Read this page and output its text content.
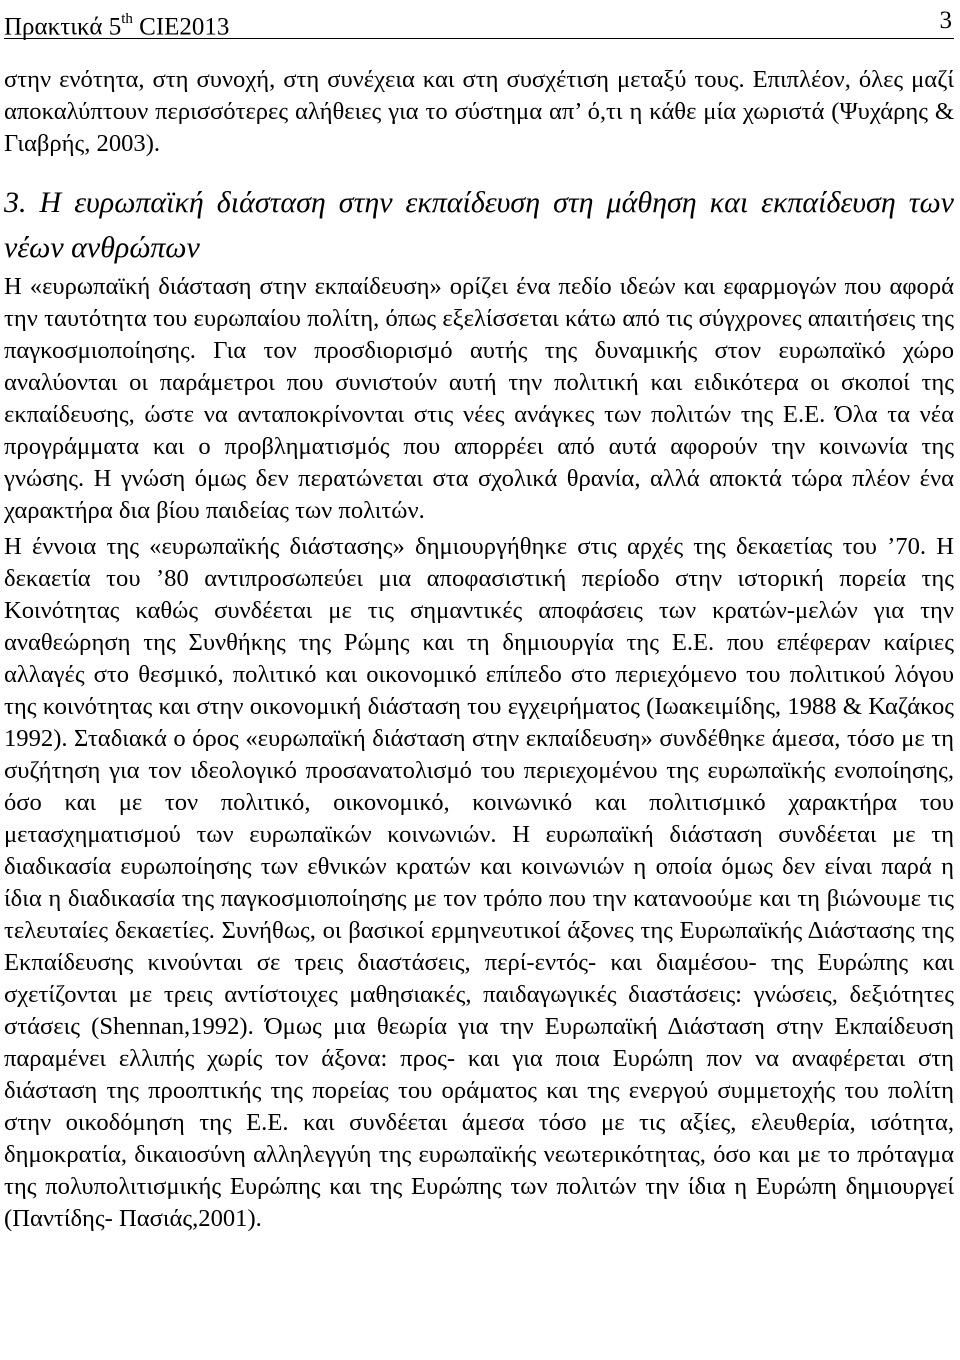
Πρακτικά 5th CIE2013	3

στην ενότητα, στη συνοχή, στη συνέχεια και στη συσχέτιση μεταξύ τους. Επιπλέον, όλες μαζί αποκαλύπτουν περισσότερες αλήθειες για το σύστημα απ’ ό,τι η κάθε μία χωριστά (Ψυχάρης & Γιαβρής, 2003).

3. Η ευρωπαϊκή διάσταση στην εκπαίδευση στη μάθηση και εκπαίδευση των νέων ανθρώπων

Η «ευρωπαϊκή διάσταση στην εκπαίδευση» ορίζει ένα πεδίο ιδεών και εφαρμογών που αφορά την ταυτότητα του ευρωπαίου πολίτη, όπως εξελίσσεται κάτω από τις σύγχρονες απαιτήσεις της παγκοσμιοποίησης. Για τον προσδιορισμό αυτής της δυναμικής στον ευρωπαϊκό χώρο αναλύονται οι παράμετροι που συνιστούν αυτή την πολιτική και ειδικότερα οι σκοποί της εκπαίδευσης, ώστε να ανταποκρίνονται στις νέες ανάγκες των πολιτών της Ε.Ε. Όλα τα νέα προγράμματα και ο προβληματισμός που απορρέει από αυτά αφορούν την κοινωνία της γνώσης. Η γνώση όμως δεν περατώνεται στα σχολικά θρανία, αλλά αποκτά τώρα πλέον ένα χαρακτήρα δια βίου παιδείας των πολιτών.

Η έννοια της «ευρωπαϊκής διάστασης» δημιουργήθηκε στις αρχές της δεκαετίας του ’70. Η δεκαετία του ’80 αντιπροσωπεύει μια αποφασιστική περίοδο στην ιστορική πορεία της Κοινότητας καθώς συνδέεται με τις σημαντικές αποφάσεις των κρατών-μελών για την αναθεώρηση της Συνθήκης της Ρώμης και τη δημιουργία της Ε.Ε. που επέφεραν καίριες αλλαγές στο θεσμικό, πολιτικό και οικονομικό επίπεδο στο περιεχόμενο του πολιτικού λόγου της κοινότητας και στην οικονομική διάσταση του εγχειρήματος (Ιωακειμίδης, 1988 & Καζάκος 1992). Σταδιακά ο όρος «ευρωπαϊκή διάσταση στην εκπαίδευση» συνδέθηκε άμεσα, τόσο με τη συζήτηση για τον ιδεολογικό προσανατολισμό του περιεχομένου της ευρωπαϊκής ενοποίησης, όσο και με τον πολιτικό, οικονομικό, κοινωνικό και πολιτισμικό χαρακτήρα του μετασχηματισμού των ευρωπαϊκών κοινωνιών. Η ευρωπαϊκή διάσταση συνδέεται με τη διαδικασία ευρωποίησης των εθνικών κρατών και κοινωνιών η οποία όμως δεν είναι παρά η ίδια η διαδικασία της παγκοσμιοποίησης με τον τρόπο που την κατανοούμε και τη βιώνουμε τις τελευταίες δεκαετίες. Συνήθως, οι βασικοί ερμηνευτικοί άξονες της Ευρωπαϊκής Διάστασης της Εκπαίδευσης κινούνται σε τρεις διαστάσεις, περί-εντός- και διαμέσου- της Ευρώπης και σχετίζονται με τρεις αντίστοιχες μαθησιακές, παιδαγωγικές διαστάσεις: γνώσεις, δεξιότητες στάσεις (Shennan,1992). Όμως μια θεωρία για την Ευρωπαϊκή Διάσταση στην Εκπαίδευση παραμένει ελλιπής χωρίς τον άξονα: προς- και για ποια Ευρώπη πον να αναφέρεται στη διάσταση της προοπτικής της πορείας του οράματος και της ενεργού συμμετοχής του πολίτη στην οικοδόμηση της Ε.Ε. και συνδέεται άμεσα τόσο με τις αξίες, ελευθερία, ισότητα, δημοκρατία, δικαιοσύνη αλληλεγγύη της ευρωπαϊκής νεωτερικότητας, όσο και με το πρόταγμα της πολυπολιτισμικής Ευρώπης και της Ευρώπης των πολιτών την ίδια η Ευρώπη δημιουργεί (Παντίδης- Πασιάς,2001).
